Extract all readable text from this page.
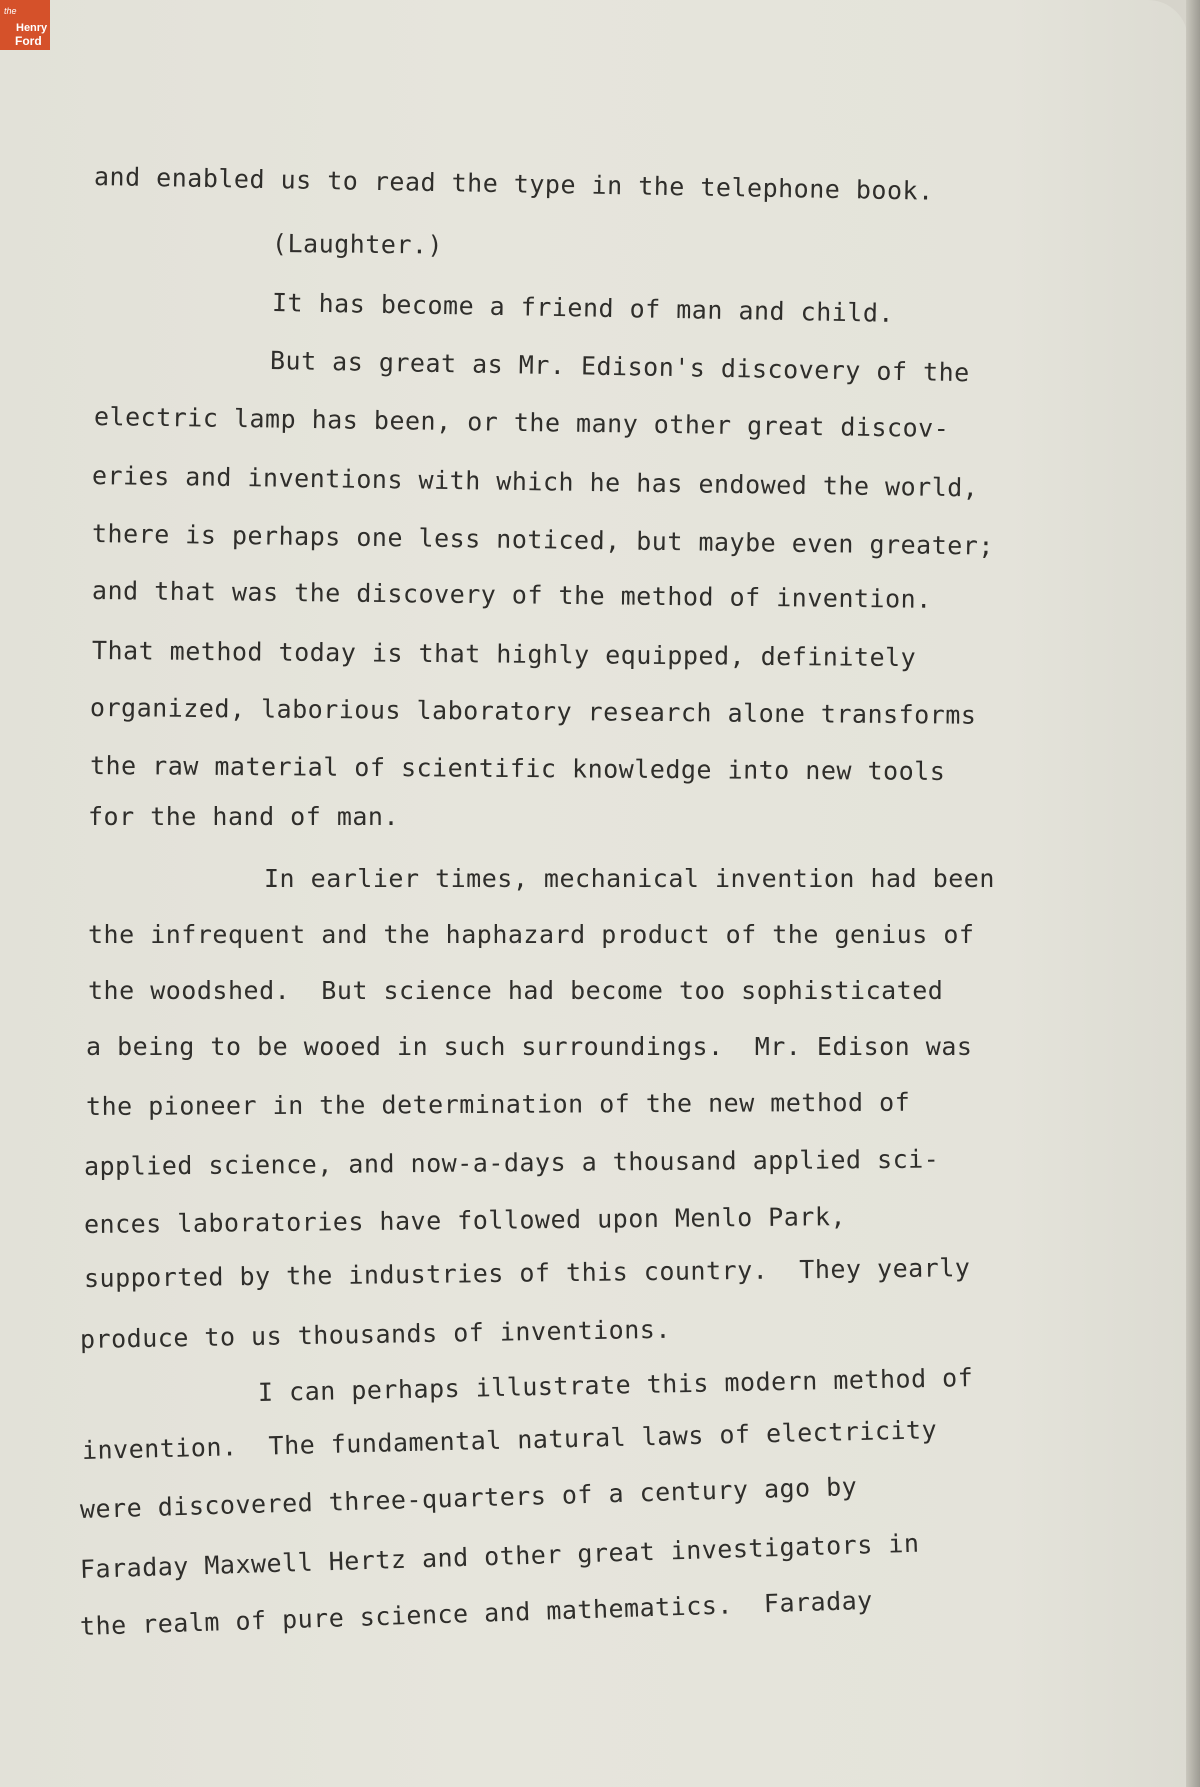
the
Henry
Ford
and enabled us to read the type in the telephone book.
(Laughter.)
It has become a friend of man and child.
But as great as Mr. Edison's discovery of the
electric lamp has been, or the many other great discov-
eries and inventions with which he has endowed the world,
there is perhaps one less noticed, but maybe even greater;
and that was the discovery of the method of invention.
That method today is that highly equipped, definitely
organized, laborious laboratory research alone transforms
the raw material of scientific knowledge into new tools
for the hand of man.
In earlier times, mechanical invention had been
the infrequent and the haphazard product of the genius of
the woodshed.  But science had become too sophisticated
a being to be wooed in such surroundings.  Mr. Edison was
the pioneer in the determination of the new method of
applied science, and now-a-days a thousand applied sci-
ences laboratories have followed upon Menlo Park,
supported by the industries of this country.  They yearly
produce to us thousands of inventions.
I can perhaps illustrate this modern method of
invention.  The fundamental natural laws of electricity
were discovered three-quarters of a century ago by
Faraday Maxwell Hertz and other great investigators in
the realm of pure science and mathematics.  Faraday
